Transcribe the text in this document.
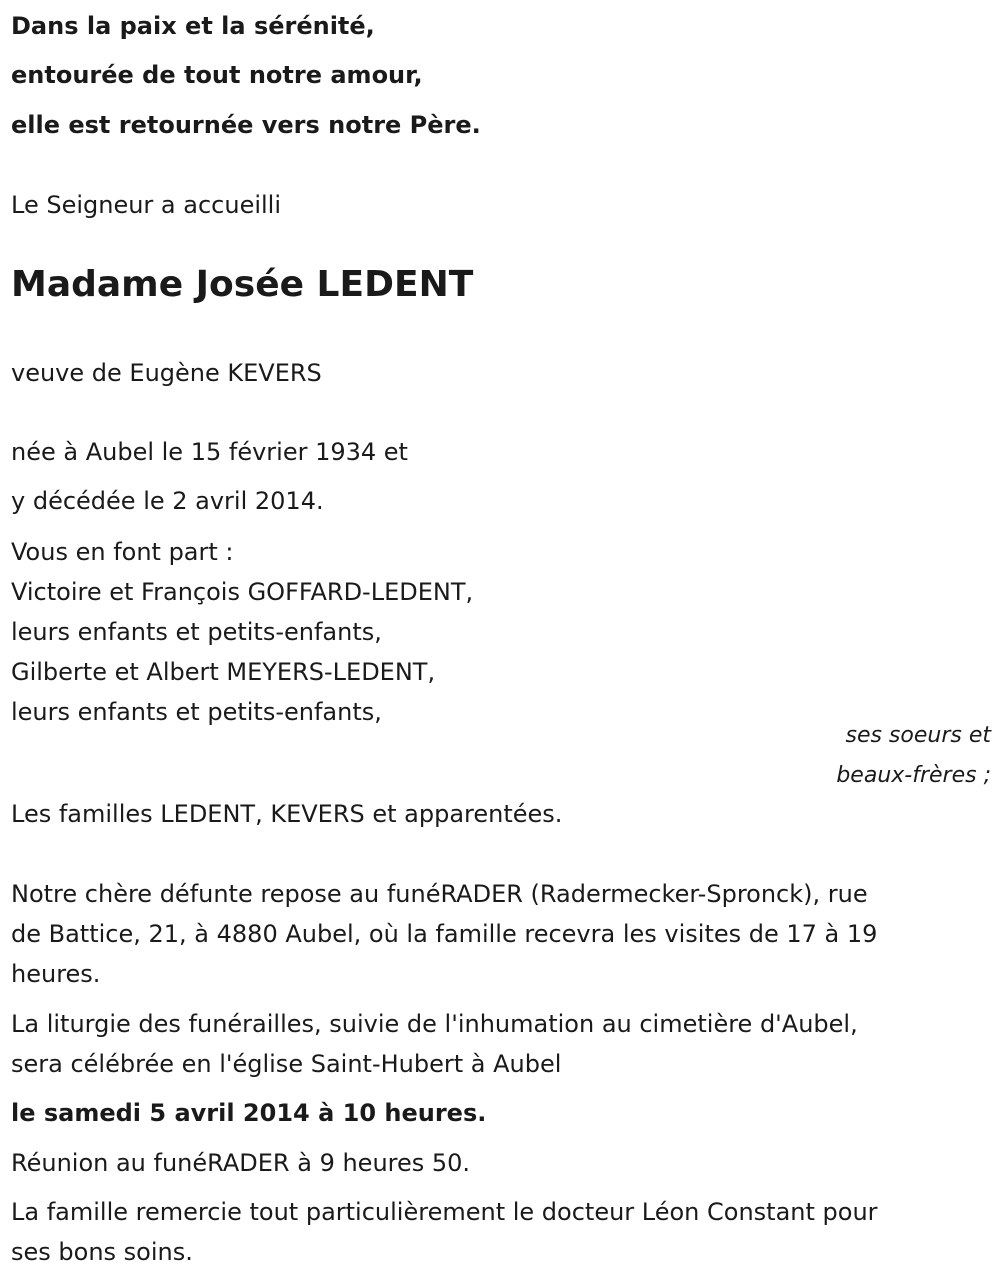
Dans la paix et la sérénité,
entourée de tout notre amour,
elle est retournée vers notre Père.
Le Seigneur a accueilli
Madame Josée LEDENT
veuve de Eugène KEVERS
née à Aubel le 15 février 1934 et
y décédée le 2 avril 2014.
Vous en font part :
Victoire et François GOFFARD-LEDENT,
leurs enfants et petits-enfants,
Gilberte et Albert MEYERS-LEDENT,
leurs enfants et petits-enfants,
ses soeurs et
beaux-frères ;
Les familles LEDENT, KEVERS et apparentées.
Notre chère défunte repose au funéRADER (Radermecker-Spronck), rue
de Battice, 21, à 4880 Aubel, où la famille recevra les visites de 17 à 19
heures.
La liturgie des funérailles, suivie de l'inhumation au cimetière d'Aubel,
sera célébrée en l'église Saint-Hubert à Aubel
le samedi 5 avril 2014 à 10 heures.
Réunion au funéRADER à 9 heures 50.
La famille remercie tout particulièrement le docteur Léon Constant pour
ses bons soins.
